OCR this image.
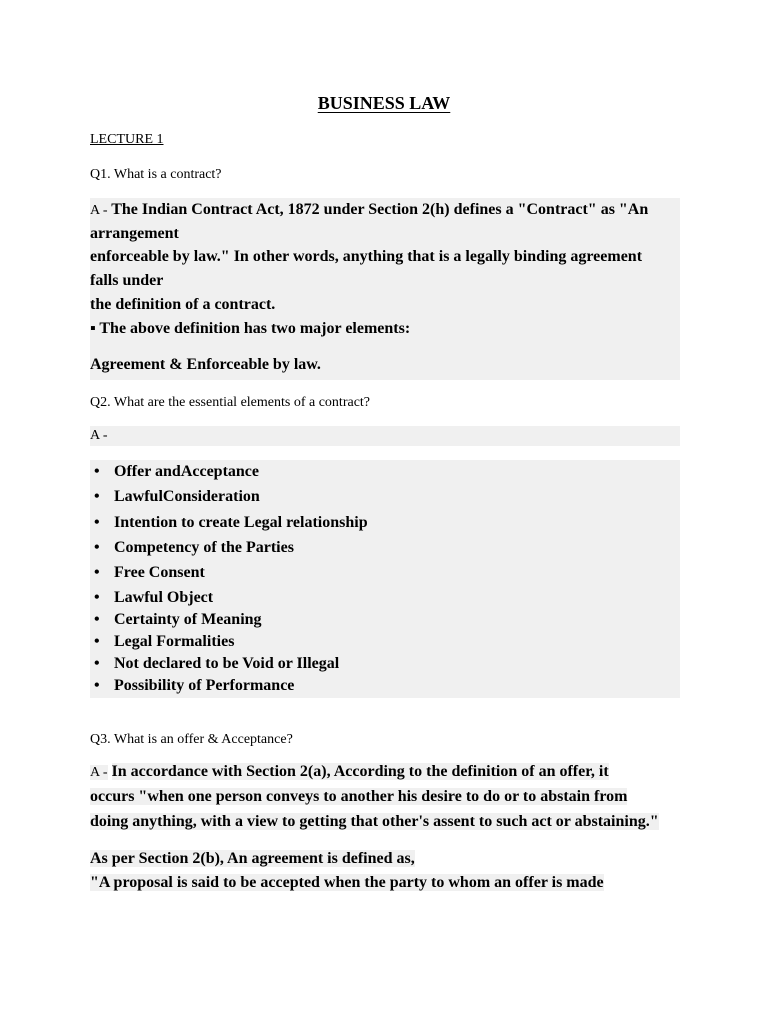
BUSINESS LAW
LECTURE 1
Q1. What is a contract?
A - The Indian Contract Act, 1872 under Section 2(h) defines a "Contract" as "An
arrangement
enforceable by law." In other words, anything that is a legally binding agreement
falls under
the definition of a contract.
▪ The above definition has two major elements:
Agreement & Enforceable by law.
Q2. What are the essential elements of a contract?
A -
• Offer andAcceptance
• LawfulConsideration
• Intention to create Legal relationship
• Competency of the Parties
• Free Consent
• Lawful Object
• Certainty of Meaning
• Legal Formalities
• Not declared to be Void or Illegal
• Possibility of Performance
Q3. What is an offer & Acceptance?
A - In accordance with Section 2(a), According to the definition of an offer, it
occurs "when one person conveys to another his desire to do or to abstain from
doing anything, with a view to getting that other's assent to such act or abstaining."
As per Section 2(b), An agreement is defined as,
"A proposal is said to be accepted when the party to whom an offer is made
